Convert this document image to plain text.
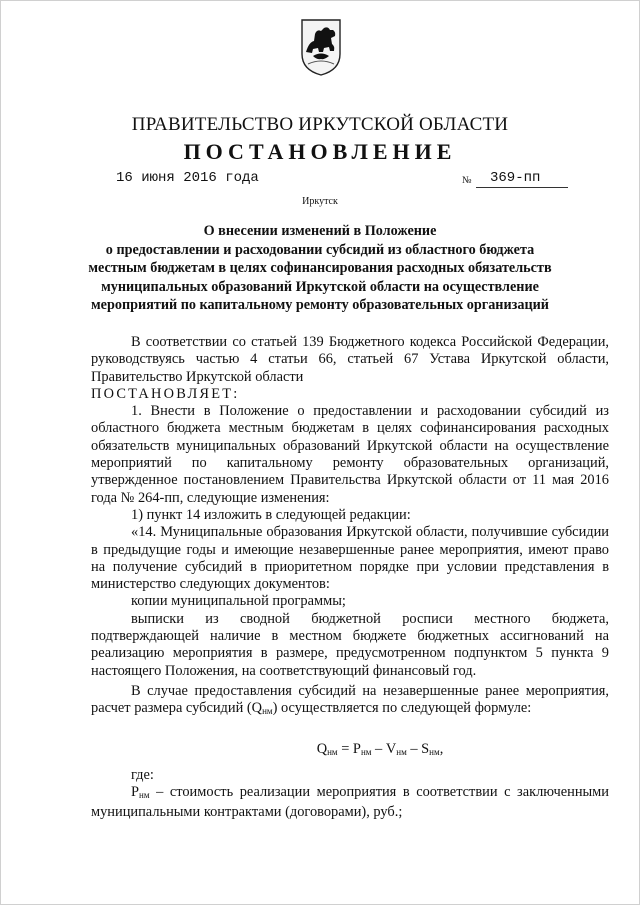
ПРАВИТЕЛЬСТВО ИРКУТСКОЙ ОБЛАСТИ
ПОСТАНОВЛЕНИЕ
16 июня 2016 года	№	369-пп
Иркутск
О внесении изменений в Положение
о предоставлении и расходовании субсидий из областного бюджета
местным бюджетам в целях софинансирования расходных обязательств
муниципальных образований Иркутской области на осуществление
мероприятий по капитальному ремонту образовательных организаций

В соответствии со статьей 139 Бюджетного кодекса Российской Федерации, руководствуясь частью 4 статьи 66, статьей 67 Устава Иркутской области, Правительство Иркутской области

ПОСТАНОВЛЯЕТ:

1. Внести в Положение о предоставлении и расходовании субсидий из областного бюджета местным бюджетам в целях софинансирования расходных обязательств муниципальных образований Иркутской области на осуществление мероприятий по капитальному ремонту образовательных организаций, утвержденное постановлением Правительства Иркутской области от 11 мая 2016 года № 264-пп, следующие изменения:

1) пункт 14 изложить в следующей редакции:

«14. Муниципальные образования Иркутской области, получившие субсидии в предыдущие годы и имеющие незавершенные ранее мероприятия, имеют право на получение субсидий в приоритетном порядке при условии представления в министерство следующих документов:

копии муниципальной программы;

выписки из сводной бюджетной росписи местного бюджета, подтверждающей наличие в местном бюджете бюджетных ассигнований на реализацию мероприятия в размере, предусмотренном подпунктом 5 пункта 9 настоящего Положения, на соответствующий финансовый год.

В случае предоставления субсидий на незавершенные ранее мероприятия, расчет размера субсидий $(Q_{нм})$ осуществляется по следующей формуле:

$Q_{нм} = P_{нм} - V_{нм} - S_{нм}$,

где:

$P_{нм}$ – стоимость реализации мероприятия в соответствии с заключенными муниципальными контрактами (договорами), руб.;
